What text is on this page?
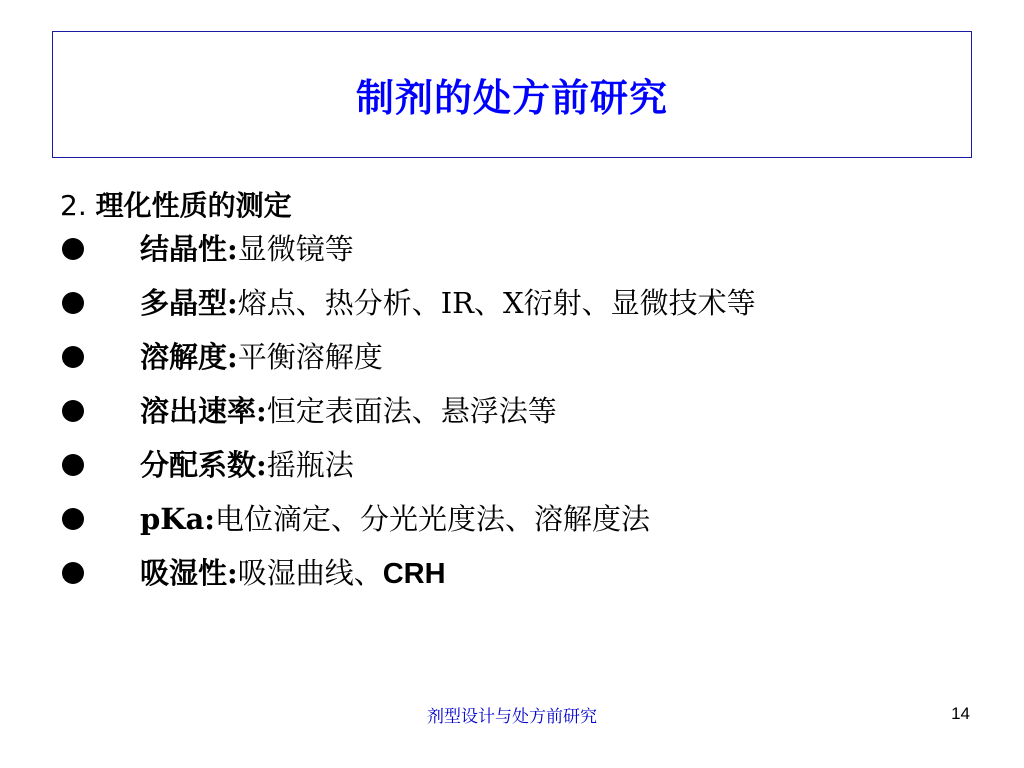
制剂的处方前研究
2. 理化性质的测定
结晶性:显微镜等
多晶型:熔点、热分析、IR、X衍射、显微技术等
溶解度:平衡溶解度
溶出速率:恒定表面法、悬浮法等
分配系数:摇瓶法
pKa:电位滴定、分光光度法、溶解度法
吸湿性:吸湿曲线、CRH
剂型设计与处方前研究	14
